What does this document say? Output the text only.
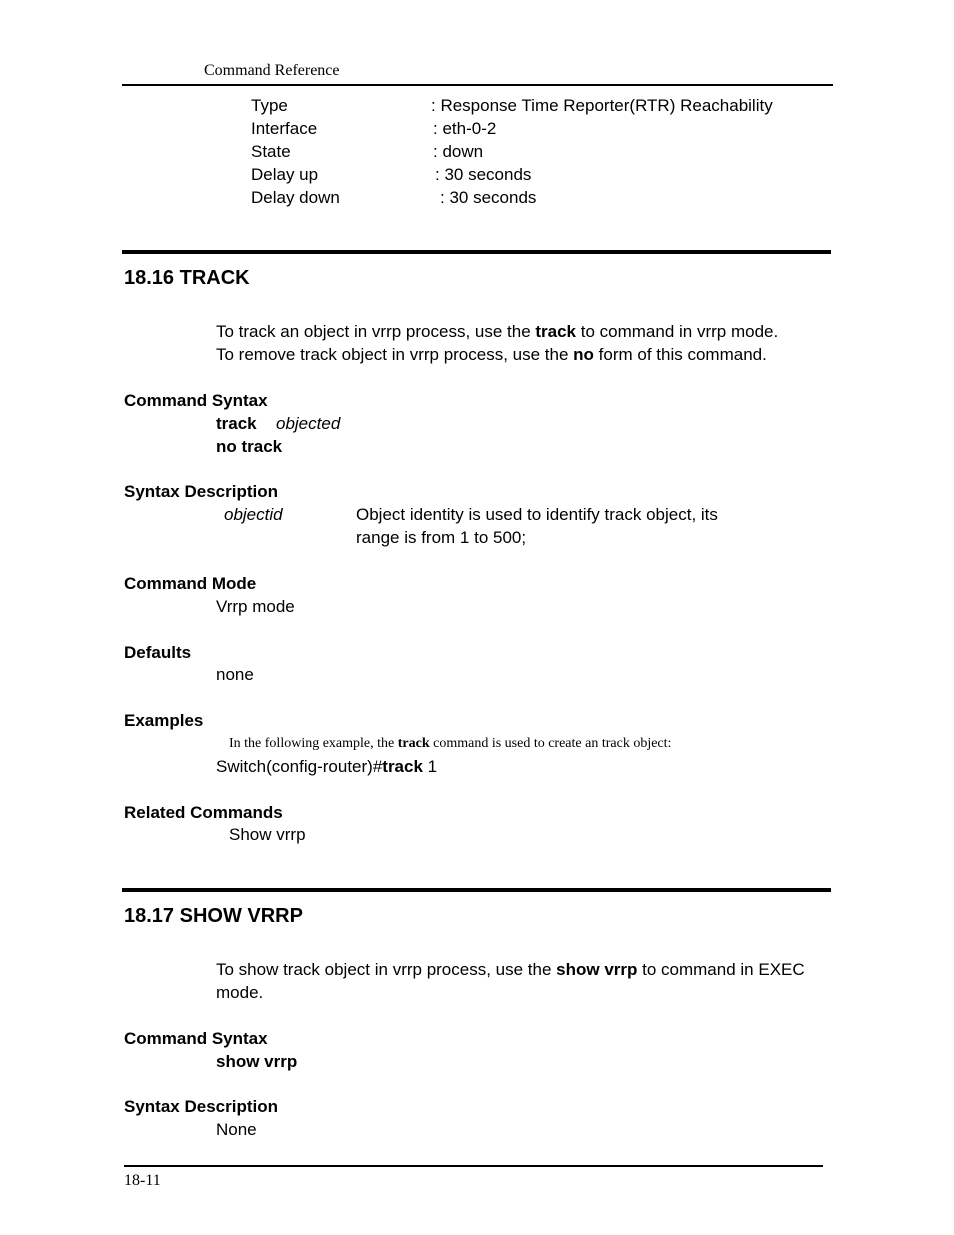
Command Reference
Type	: Response Time Reporter(RTR) Reachability
Interface	: eth-0-2
State	: down
Delay up	: 30 seconds
Delay down	: 30 seconds
18.16 TRACK
To track an object in vrrp process, use the track to command in vrrp mode.
To remove track object in vrrp process, use the no form of this command.
Command Syntax
track objected
no track
Syntax Description
objectid	Object identity is used to identify track object, its
range is from 1 to 500;
Command Mode
Vrrp mode
Defaults
none
Examples
In the following example, the track command is used to create an track object:
Switch(config-router)#track 1
Related Commands
Show vrrp
18.17 SHOW VRRP
To show track object in vrrp process, use the show vrrp to command in EXEC
mode.
Command Syntax
show vrrp
Syntax Description
None
18-11
